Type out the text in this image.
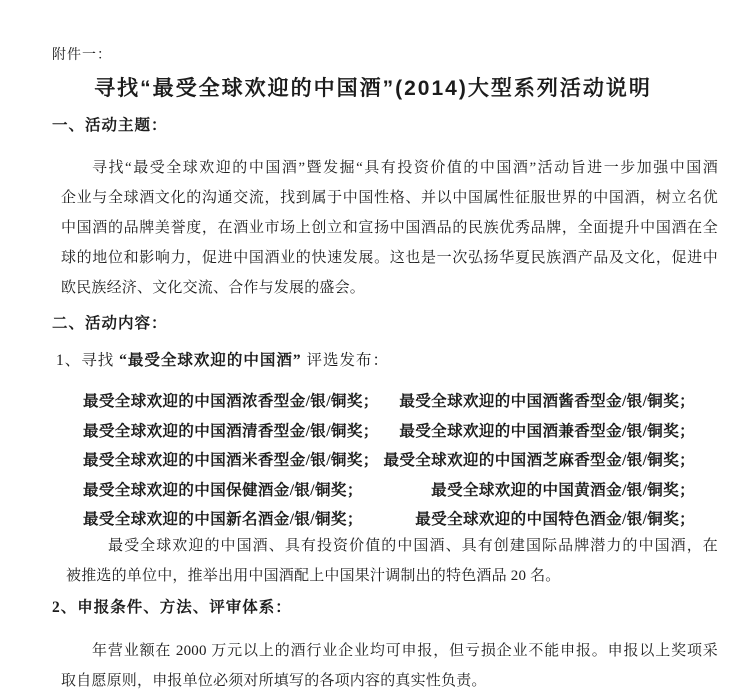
附件一：
寻找“最受全球欢迎的中国酒”(2014)大型系列活动说明
一、活动主题：
寻找“最受全球欢迎的中国酒”暨发掘“具有投资价值的中国酒”活动旨进一步加强中国酒
企业与全球酒文化的沟通交流，找到属于中国性格、并以中国属性征服世界的中国酒，树立名优
中国酒的品牌美誉度，在酒业市场上创立和宣扬中国酒品的民族优秀品牌，全面提升中国酒在全
球的地位和影响力，促进中国酒业的快速发展。这也是一次弘扬华夏民族酒产品及文化，促进中
欧民族经济、文化交流、合作与发展的盛会。
二、活动内容：
1、寻找 “最受全球欢迎的中国酒” 评选发布：
最受全球欢迎的中国酒浓香型金/银/铜奖； 最受全球欢迎的中国酒酱香型金/银/铜奖；
最受全球欢迎的中国酒清香型金/银/铜奖； 最受全球欢迎的中国酒兼香型金/银/铜奖；
最受全球欢迎的中国酒米香型金/银/铜奖； 最受全球欢迎的中国酒芝麻香型金/银/铜奖；
最受全球欢迎的中国保健酒金/银/铜奖；	最受全球欢迎的中国黄酒金/银/铜奖；
最受全球欢迎的中国新名酒金/银/铜奖；	最受全球欢迎的中国特色酒金/银/铜奖；
最受全球欢迎的中国酒、具有投资价值的中国酒、具有创建国际品牌潜力的中国酒，在
被推选的单位中，推举出用中国酒配上中国果汁调制出的特色酒品 20 名。
2、申报条件、方法、评审体系：
年营业额在 2000 万元以上的酒行业企业均可申报，但亏损企业不能申报。申报以上奖项采
取自愿原则，申报单位必须对所填写的各项内容的真实性负责。
